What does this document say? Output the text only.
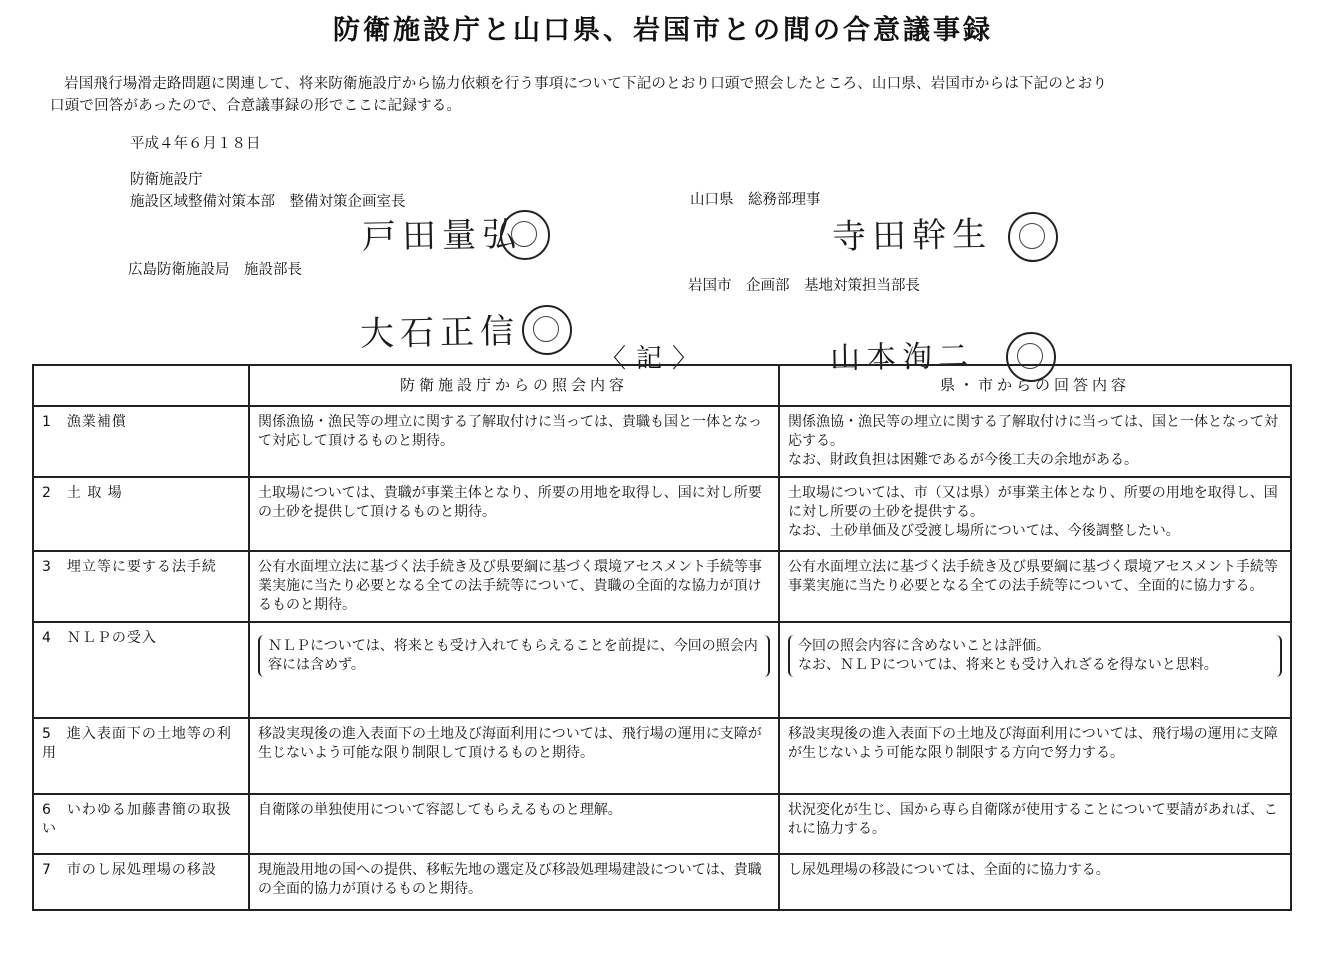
防衛施設庁と山口県、岩国市との間の合意議事録
岩国飛行場滑走路問題に関連して、将来防衛施設庁から協力依頼を行う事項について下記のとおり口頭で照会したところ、山口県、岩国市からは下記のとおり
口頭で回答があったので、合意議事録の形でここに記録する。
平成４年６月１８日
防衛施設庁
施設区域整備対策本部　整備対策企画室長
戸田量弘
広島防衛施設局　施設部長
大石正信
山口県　総務部理事
寺田幹生
岩国市　企画部　基地対策担当部長
山本洵二
〈記〉
	防衛施設庁からの照会内容	県・市からの回答内容
1　漁業補償	関係漁協・漁民等の埋立に関する了解取付けに当っては、貴職も国と一体となって対応して頂けるものと期待。	関係漁協・漁民等の埋立に関する了解取付けに当っては、国と一体となって対応する。
なお、財政負担は困難であるが今後工夫の余地がある。

2　土 取 場	土取場については、貴職が事業主体となり、所要の用地を取得し、国に対し所要の土砂を提供して頂けるものと期待。	土取場については、市（又は県）が事業主体となり、所要の用地を取得し、国に対し所要の土砂を提供する。
なお、土砂単価及び受渡し場所については、今後調整したい。

3　埋立等に要する法手続	公有水面埋立法に基づく法手続き及び県要綱に基づく環境アセスメント手続等事業実施に当たり必要となる全ての法手続等について、貴職の全面的な協力が頂けるものと期待。	公有水面埋立法に基づく法手続き及び県要綱に基づく環境アセスメント手続等事業実施に当たり必要となる全ての法手続等について、全面的に協力する。

4　ＮＬＰの受入	ＮＬＰについては、将来とも受け入れてもらえることを前提に、今回の照会内容には含めず。	今回の照会内容に含めないことは評価。
なお、ＮＬＰについては、将来とも受け入れざるを得ないと思料。

5　進入表面下の土地等の利用	移設実現後の進入表面下の土地及び海面利用については、飛行場の運用に支障が生じないよう可能な限り制限して頂けるものと期待。	移設実現後の進入表面下の土地及び海面利用については、飛行場の運用に支障が生じないよう可能な限り制限する方向で努力する。

6　いわゆる加藤書簡の取扱い	自衛隊の単独使用について容認してもらえるものと理解。	状況変化が生じ、国から専ら自衛隊が使用することについて要請があれば、これに協力する。

7　市のし尿処理場の移設	現施設用地の国への提供、移転先地の選定及び移設処理場建設については、貴職の全面的協力が頂けるものと期待。	し尿処理場の移設については、全面的に協力する。
